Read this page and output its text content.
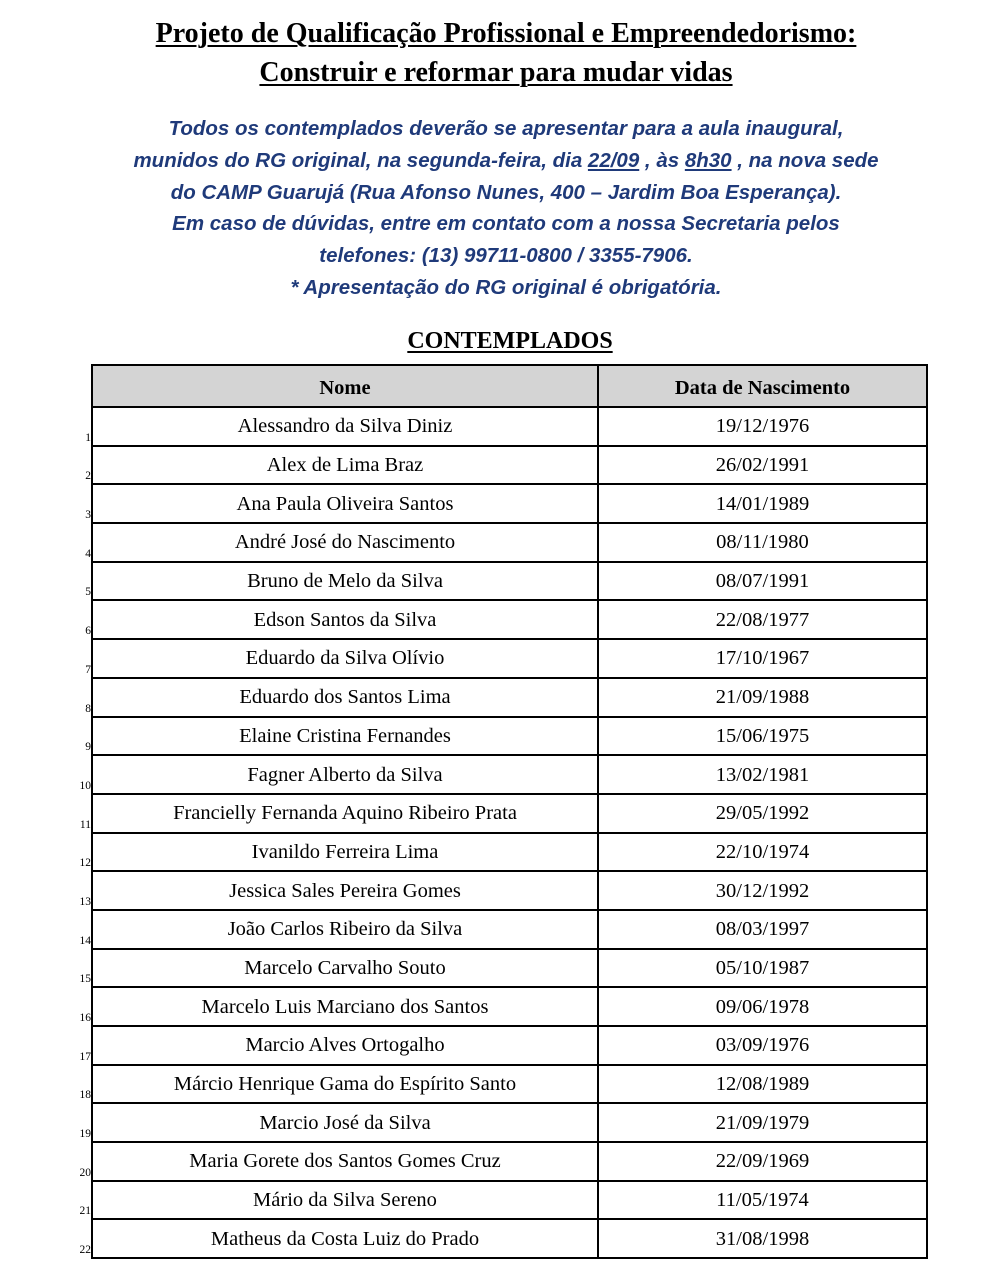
Projeto de Qualificação Profissional e Empreendedorismo:
Construir e reformar para mudar vidas
Todos os contemplados deverão se apresentar para a aula inaugural,
munidos do RG original, na segunda-feira, dia 22/09 , às 8h30 , na nova sede
do CAMP Guarujá (Rua Afonso Nunes, 400 – Jardim Boa Esperança).
Em caso de dúvidas, entre em contato com a nossa Secretaria pelos
telefones: (13) 99711-0800 / 3355-7906.
* Apresentação do RG original é obrigatória.
CONTEMPLADOS
Nome	Data de Nascimento
Alessandro da Silva Diniz	19/12/1976
Alex de Lima Braz	26/02/1991
Ana Paula Oliveira Santos	14/01/1989
André José do Nascimento	08/11/1980
Bruno de Melo da Silva	08/07/1991
Edson Santos da Silva	22/08/1977
Eduardo da Silva Olívio	17/10/1967
Eduardo dos Santos Lima	21/09/1988
Elaine Cristina Fernandes	15/06/1975
Fagner Alberto da Silva	13/02/1981
Francielly Fernanda Aquino Ribeiro Prata	29/05/1992
Ivanildo Ferreira Lima	22/10/1974
Jessica Sales Pereira Gomes	30/12/1992
João Carlos Ribeiro da Silva	08/03/1997
Marcelo Carvalho Souto	05/10/1987
Marcelo Luis Marciano dos Santos	09/06/1978
Marcio Alves Ortogalho	03/09/1976
Márcio Henrique Gama do Espírito Santo	12/08/1989
Marcio José da Silva	21/09/1979
Maria Gorete dos Santos Gomes Cruz	22/09/1969
Mário da Silva Sereno	11/05/1974
Matheus da Costa Luiz do Prado	31/08/1998
1
2
3
4
5
6
7
8
9
10
11
12
13
14
15
16
17
18
19
20
21
22
